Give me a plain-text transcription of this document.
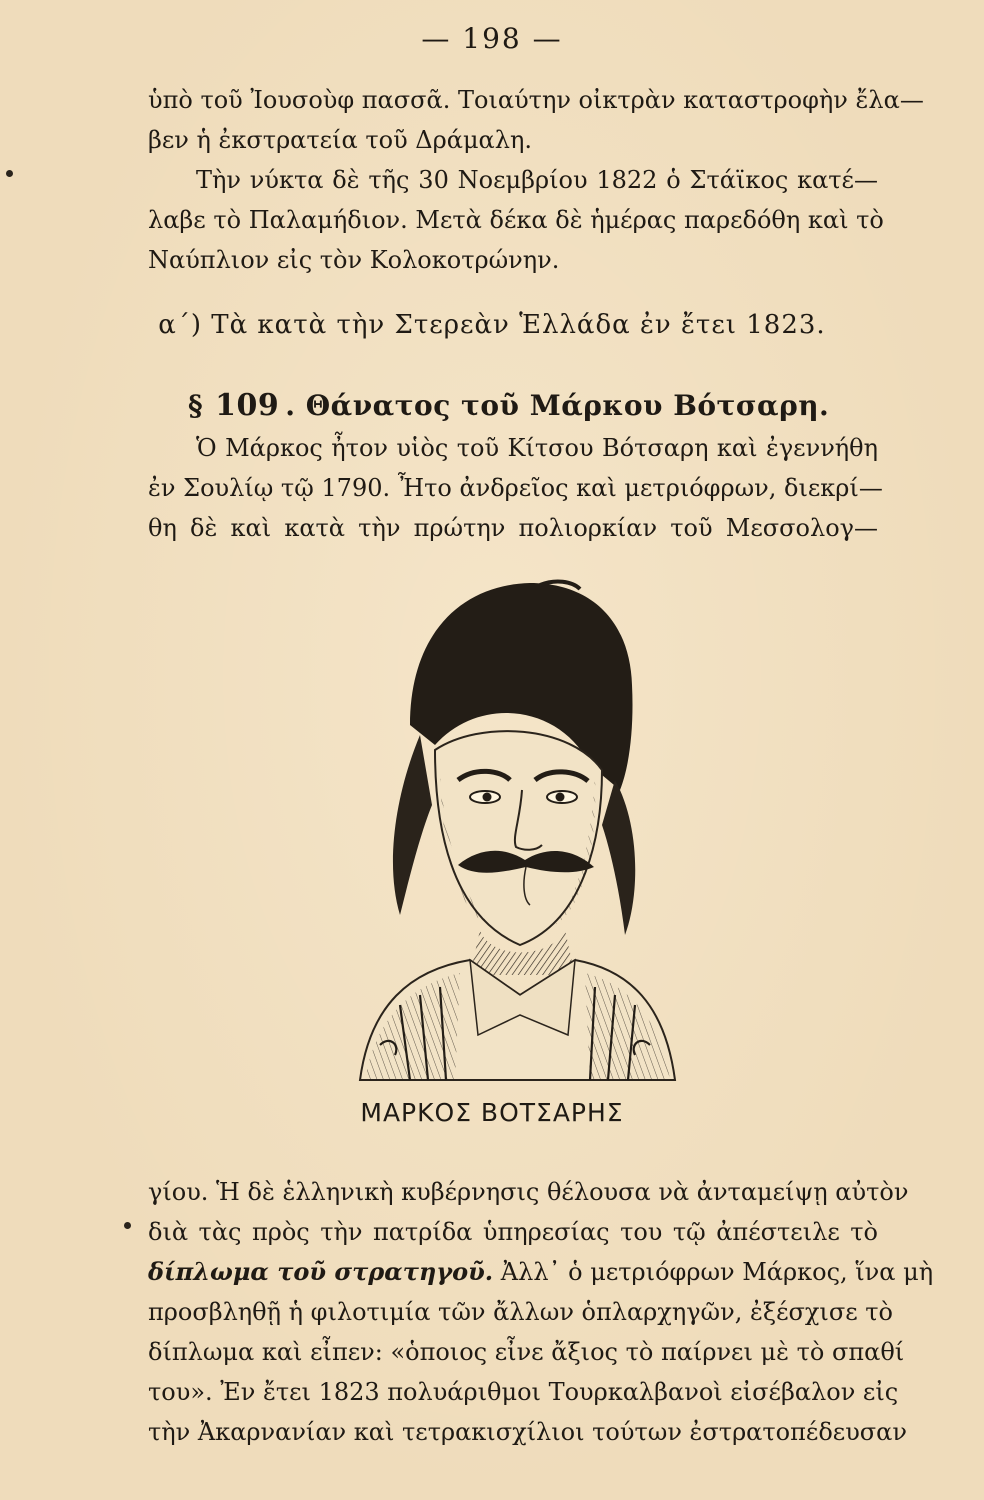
— 198 —
ὑπὸ τοῦ Ἰουσοὺφ πασσᾶ. Τοιαύτην οἰκτρὰν καταστροφὴν ἔλα—
βεν ἡ ἐκστρατεία τοῦ Δράμαλη.
Τὴν νύκτα δὲ τῆς 30 Νοεμβρίου 1822 ὁ Στάϊκος κατέ—
λαβε τὸ Παλαμήδιον. Μετὰ δέκα δὲ ἡμέρας παρεδόθη καὶ τὸ
Ναύπλιον εἰς τὸν Κολοκοτρώνην.
α΄) Τὰ κατὰ τὴν Στερεὰν Ἑλλάδα ἐν ἔτει 1823.
§ 109 . Θάνατος τοῦ Μάρκου Βότσαρη.
Ὁ Μάρκος ἦτον υἱὸς τοῦ Κίτσου Βότσαρη καὶ ἐγεννήθη
ἐν Σουλίῳ τῷ 1790. Ἦτο ἀνδρεῖος καὶ μετριόφρων, διεκρί—
θη δὲ καὶ κατὰ τὴν πρώτην πολιορκίαν τοῦ Μεσσολογ—
ΜΑΡΚΟΣ ΒΟΤΣΑΡΗΣ
γίου. Ἡ δὲ ἑλληνικὴ κυβέρνησις θέλουσα νὰ ἀνταμείψῃ αὐτὸν
διὰ τὰς πρὸς τὴν πατρίδα ὑπηρεσίας του τῷ ἀπέστειλε τὸ
δίπλωμα τοῦ στρατηγοῦ. Ἀλλ᾽ ὁ μετριόφρων Μάρκος, ἵνα μὴ
προσβληθῇ ἡ φιλοτιμία τῶν ἄλλων ὁπλαρχηγῶν, ἐξέσχισε τὸ
δίπλωμα καὶ εἶπεν: «ὁποιος εἶνε ἄξιος τὸ παίρνει μὲ τὸ σπαθί
του». Ἐν ἔτει 1823 πολυάριθμοι Τουρκαλβανοὶ εἰσέβαλον εἰς
τὴν Ἀκαρνανίαν καὶ τετρακισχίλιοι τούτων ἐστρατοπέδευσαν
